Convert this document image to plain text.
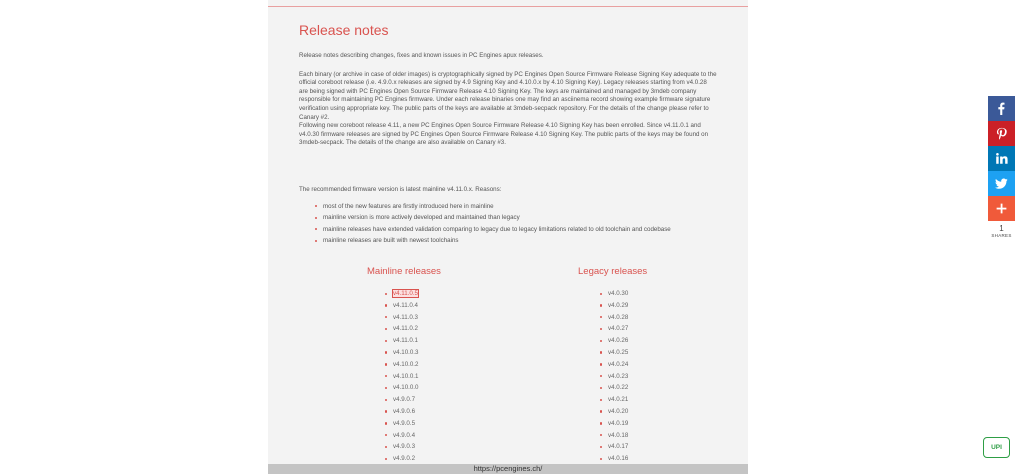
Release notes

Release notes describing changes, fixes and known issues in PC Engines apux releases.

Each binary (or archive in case of older images) is cryptographically signed by PC Engines Open Source Firmware Release Signing Key adequate to the official coreboot release (i.e. 4.9.0.x releases are signed by 4.9 Signing Key and 4.10.0.x by 4.10 Signing Key). Legacy releases starting from v4.0.28 are being signed with PC Engines Open Source Firmware Release 4.10 Signing Key. The keys are maintained and managed by 3mdeb company responsible for maintaining PC Engines firmware. Under each release binaries one may find an asciinema record showing example firmware signature verification using appropriate key. The public parts of the keys are available at 3mdeb-secpack repository. For the details of the change please refer to Canary #2.

Following new coreboot release 4.11, a new PC Engines Open Source Firmware Release 4.10 Signing Key has been enrolled. Since v4.11.0.1 and v4.0.30 firmware releases are signed by PC Engines Open Source Firmware Release 4.10 Signing Key. The public parts of the keys may be found on 3mdeb-secpack. The details of the change are also available on Canary #3.

The recommended firmware version is latest mainline v4.11.0.x. Reasons:

most of the new features are firstly introduced here in mainline
mainline version is more actively developed and maintained than legacy
mainline releases have extended validation comparing to legacy due to legacy limitations related to old toolchain and codebase
mainline releases are built with newest toolchains
Mainline releases
v4.11.0.5
v4.11.0.4
v4.11.0.3
v4.11.0.2
v4.11.0.1
v4.10.0.3
v4.10.0.2
v4.10.0.1
v4.10.0.0
v4.9.0.7
v4.9.0.6
v4.9.0.5
v4.9.0.4
v4.9.0.3
v4.9.0.2
Legacy releases
v4.0.30
v4.0.29
v4.0.28
v4.0.27
v4.0.26
v4.0.25
v4.0.24
v4.0.23
v4.0.22
v4.0.21
v4.0.20
v4.0.19
v4.0.18
v4.0.17
v4.0.16
https://pcengines.ch/
1
SHARES
UPI
